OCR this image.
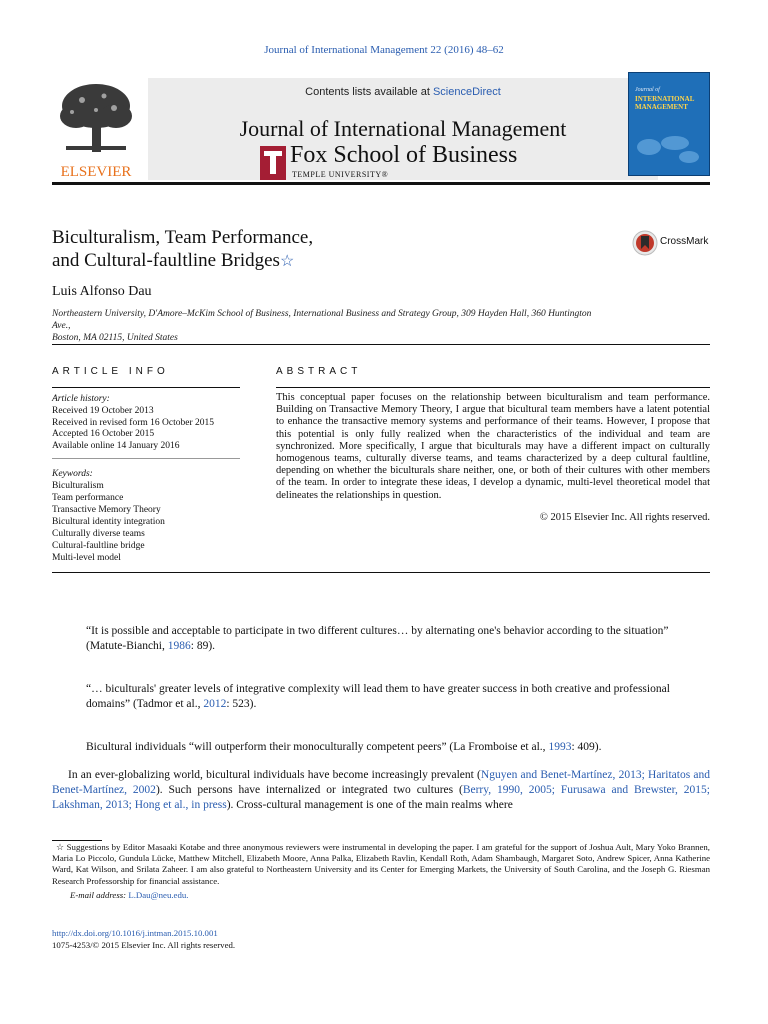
Journal of International Management 22 (2016) 48–62
ELSEVIER
Contents lists available at ScienceDirect
Journal of International Management
Fox School of Business
TEMPLE UNIVERSITY®
Journal of
INTERNATIONAL MANAGEMENT
Biculturalism, Team Performance,
and Cultural-faultline Bridges☆
CrossMark
Luis Alfonso Dau
Northeastern University, D'Amore–McKim School of Business, International Business and Strategy Group, 309 Hayden Hall, 360 Huntington Ave.,
Boston, MA 02115, United States
ARTICLE INFO	ABSTRACT
Article history:
Received 19 October 2013
Received in revised form 16 October 2015
Accepted 16 October 2015
Available online 14 January 2016
Keywords:
Biculturalism
Team performance
Transactive Memory Theory
Bicultural identity integration
Culturally diverse teams
Cultural-faultline bridge
Multi-level model
This conceptual paper focuses on the relationship between biculturalism and team performance. Building on Transactive Memory Theory, I argue that bicultural team members have a latent potential to enhance the transactive memory systems and performance of their teams. However, I propose that this potential is only fully realized when the characteristics of the individual and team are synchronized. More specifically, I argue that biculturals may have a different impact on culturally homogenous teams, culturally diverse teams, and teams characterized by a deep cultural faultline, depending on whether the biculturals share neither, one, or both of their cultures with other members of the team. In order to integrate these ideas, I develop a dynamic, multi-level theoretical model that delineates the relationships in question.
© 2015 Elsevier Inc. All rights reserved.
“It is possible and acceptable to participate in two different cultures… by alternating one's behavior according to the situation” (Matute-Bianchi, 1986: 89).
“… biculturals' greater levels of integrative complexity will lead them to have greater success in both creative and professional domains” (Tadmor et al., 2012: 523).
Bicultural individuals “will outperform their monoculturally competent peers” (La Fromboise et al., 1993: 409).
In an ever-globalizing world, bicultural individuals have become increasingly prevalent (Nguyen and Benet-Martínez, 2013; Haritatos and Benet-Martínez, 2002). Such persons have internalized or integrated two cultures (Berry, 1990, 2005; Furusawa and Brewster, 2015; Lakshman, 2013; Hong et al., in press). Cross-cultural management is one of the main realms where
☆ Suggestions by Editor Masaaki Kotabe and three anonymous reviewers were instrumental in developing the paper. I am grateful for the support of Joshua Ault, Mary Yoko Brannen, Maria Lo Piccolo, Gundula Lücke, Matthew Mitchell, Elizabeth Moore, Anna Palka, Elizabeth Ravlin, Kendall Roth, Adam Shambaugh, Margaret Soto, Andrew Spicer, Anna Katherine Ward, Kat Wilson, and Srilata Zaheer. I am also grateful to Northeastern University and its Center for Emerging Markets, the University of South Carolina, and the Joseph G. Riesman Research Professorship for financial assistance.
E-mail address: L.Dau@neu.edu.
http://dx.doi.org/10.1016/j.intman.2015.10.001
1075-4253/© 2015 Elsevier Inc. All rights reserved.
